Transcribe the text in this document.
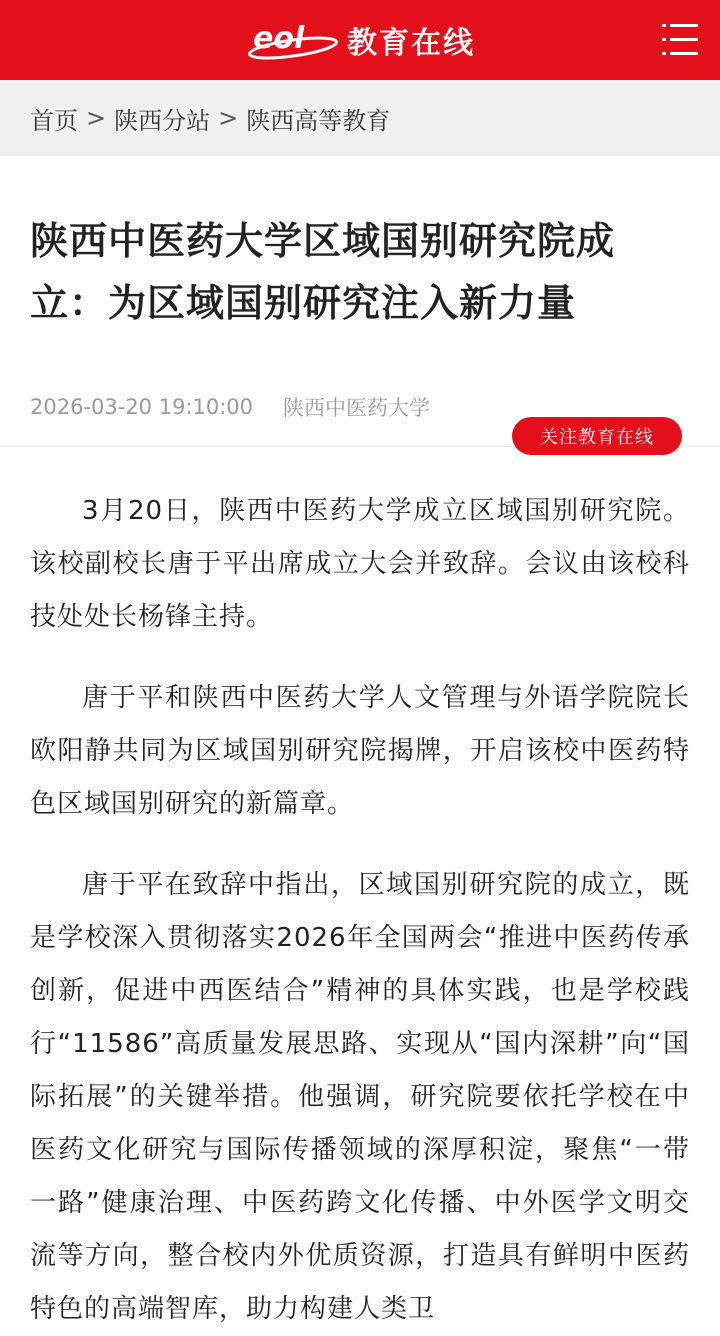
eol 教育在线
首页 > 陕西分站 > 陕西高等教育
陕西中医药大学区域国别研究院成立：为区域国别研究注入新力量
2026-03-20 19:10:00 陕西中医药大学
关注教育在线

3月20日，陕西中医药大学成立区域国别研究院。该校副校长唐于平出席成立大会并致辞。会议由该校科技处处长杨锋主持。

唐于平和陕西中医药大学人文管理与外语学院院长欧阳静共同为区域国别研究院揭牌，开启该校中医药特色区域国别研究的新篇章。

唐于平在致辞中指出，区域国别研究院的成立，既是学校深入贯彻落实2026年全国两会“推进中医药传承创新，促进中西医结合”精神的具体实践，也是学校践行“11586”高质量发展思路、实现从“国内深耕”向“国际拓展”的关键举措。他强调，研究院要依托学校在中医药文化研究与国际传播领域的深厚积淀，聚焦“一带一路”健康治理、中医药跨文化传播、中外医学文明交流等方向，整合校内外优质资源，打造具有鲜明中医药特色的高端智库，助力构建人类卫
